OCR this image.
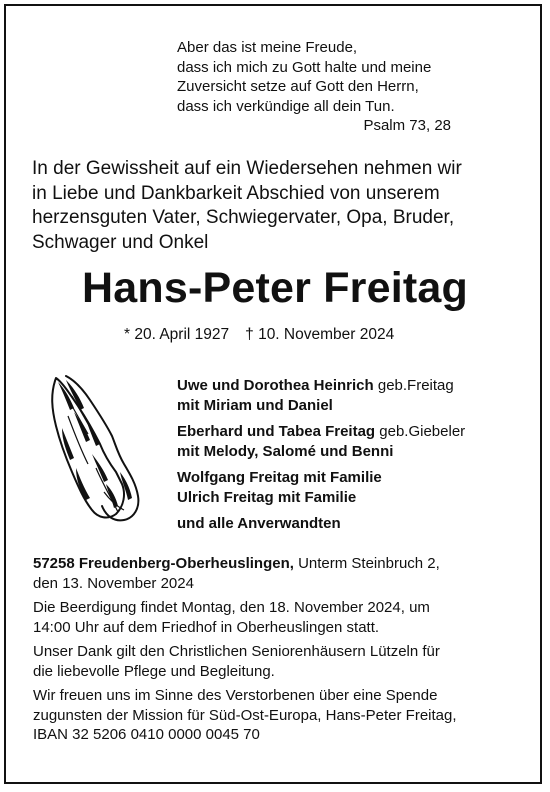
Aber das ist meine Freude,
dass ich mich zu Gott halte und meine
Zuversicht setze auf Gott den Herrn,
dass ich verkündige all dein Tun.
Psalm 73, 28
In der Gewissheit auf ein Wiedersehen nehmen wir
in Liebe und Dankbarkeit Abschied von unserem
herzensguten Vater, Schwiegervater, Opa, Bruder,
Schwager und Onkel
Hans-Peter Freitag
* 20. April 1927 † 10. November 2024
Uwe und Dorothea Heinrich geb.Freitag
mit Miriam und Daniel
Eberhard und Tabea Freitag geb.Giebeler
mit Melody, Salomé und Benni
Wolfgang Freitag mit Familie
Ulrich Freitag mit Familie
und alle Anverwandten
57258 Freudenberg-Oberheuslingen, Unterm Steinbruch 2,
den 13. November 2024
Die Beerdigung findet Montag, den 18. November 2024, um
14:00 Uhr auf dem Friedhof in Oberheuslingen statt.
Unser Dank gilt den Christlichen Seniorenhäusern Lützeln für
die liebevolle Pflege und Begleitung.
Wir freuen uns im Sinne des Verstorbenen über eine Spende
zugunsten der Mission für Süd-Ost-Europa, Hans-Peter Freitag,
IBAN 32 5206 0410 0000 0045 70
